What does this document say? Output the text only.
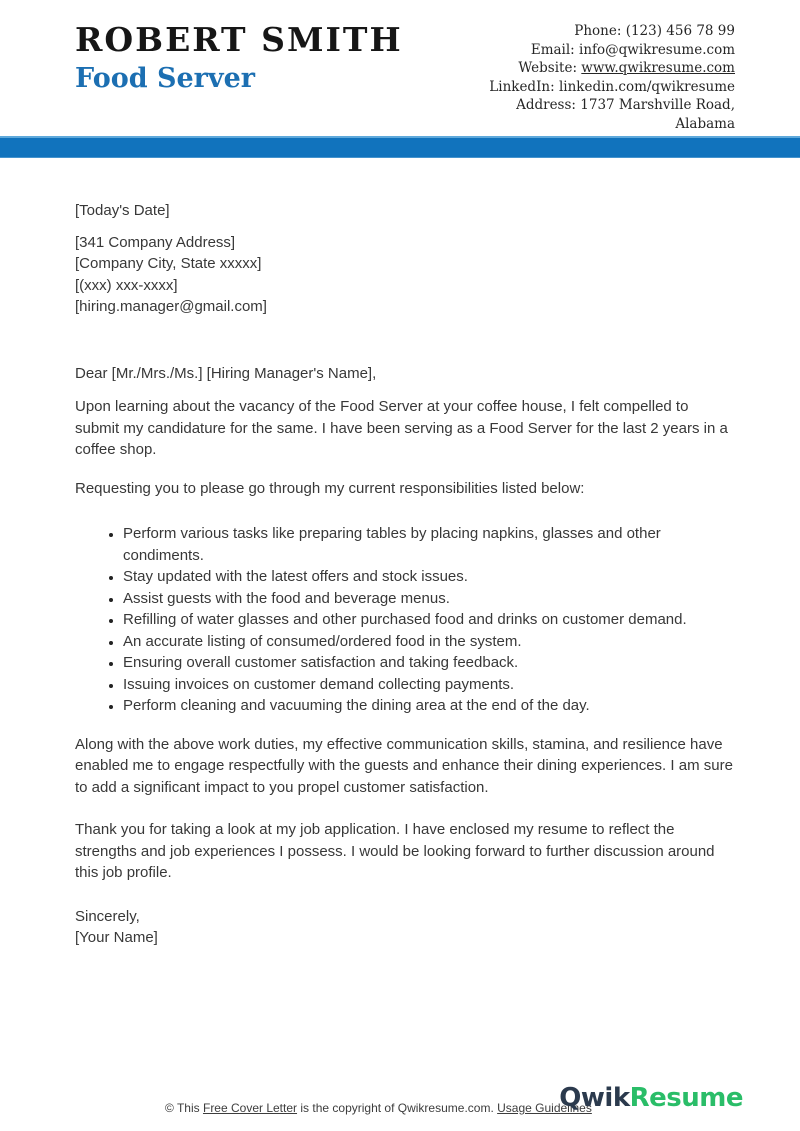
ROBERT SMITH
Food Server
Phone: (123) 456 78 99
Email: info@qwikresume.com
Website: www.qwikresume.com
LinkedIn: linkedin.com/qwikresume
Address: 1737 Marshville Road,
Alabama

[Today's Date]

[341 Company Address]
[Company City, State xxxxx]
[(xxx) xxx-xxxx]
[hiring.manager@gmail.com]

Dear [Mr./Mrs./Ms.] [Hiring Manager's Name],

Upon learning about the vacancy of the Food Server at your coffee house, I felt compelled to submit my candidature for the same. I have been serving as a Food Server for the last 2 years in a coffee shop.

Requesting you to please go through my current responsibilities listed below:

• Perform various tasks like preparing tables by placing napkins, glasses and other condiments.
• Stay updated with the latest offers and stock issues.
• Assist guests with the food and beverage menus.
• Refilling of water glasses and other purchased food and drinks on customer demand.
• An accurate listing of consumed/ordered food in the system.
• Ensuring overall customer satisfaction and taking feedback.
• Issuing invoices on customer demand collecting payments.
• Perform cleaning and vacuuming the dining area at the end of the day.

Along with the above work duties, my effective communication skills, stamina, and resilience have enabled me to engage respectfully with the guests and enhance their dining experiences. I am sure to add a significant impact to you propel customer satisfaction.

Thank you for taking a look at my job application. I have enclosed my resume to reflect the strengths and job experiences I possess. I would be looking forward to further discussion around this job profile.

Sincerely,
[Your Name]

© This Free Cover Letter is the copyright of Qwikresume.com. Usage Guidelines

QwikResume
